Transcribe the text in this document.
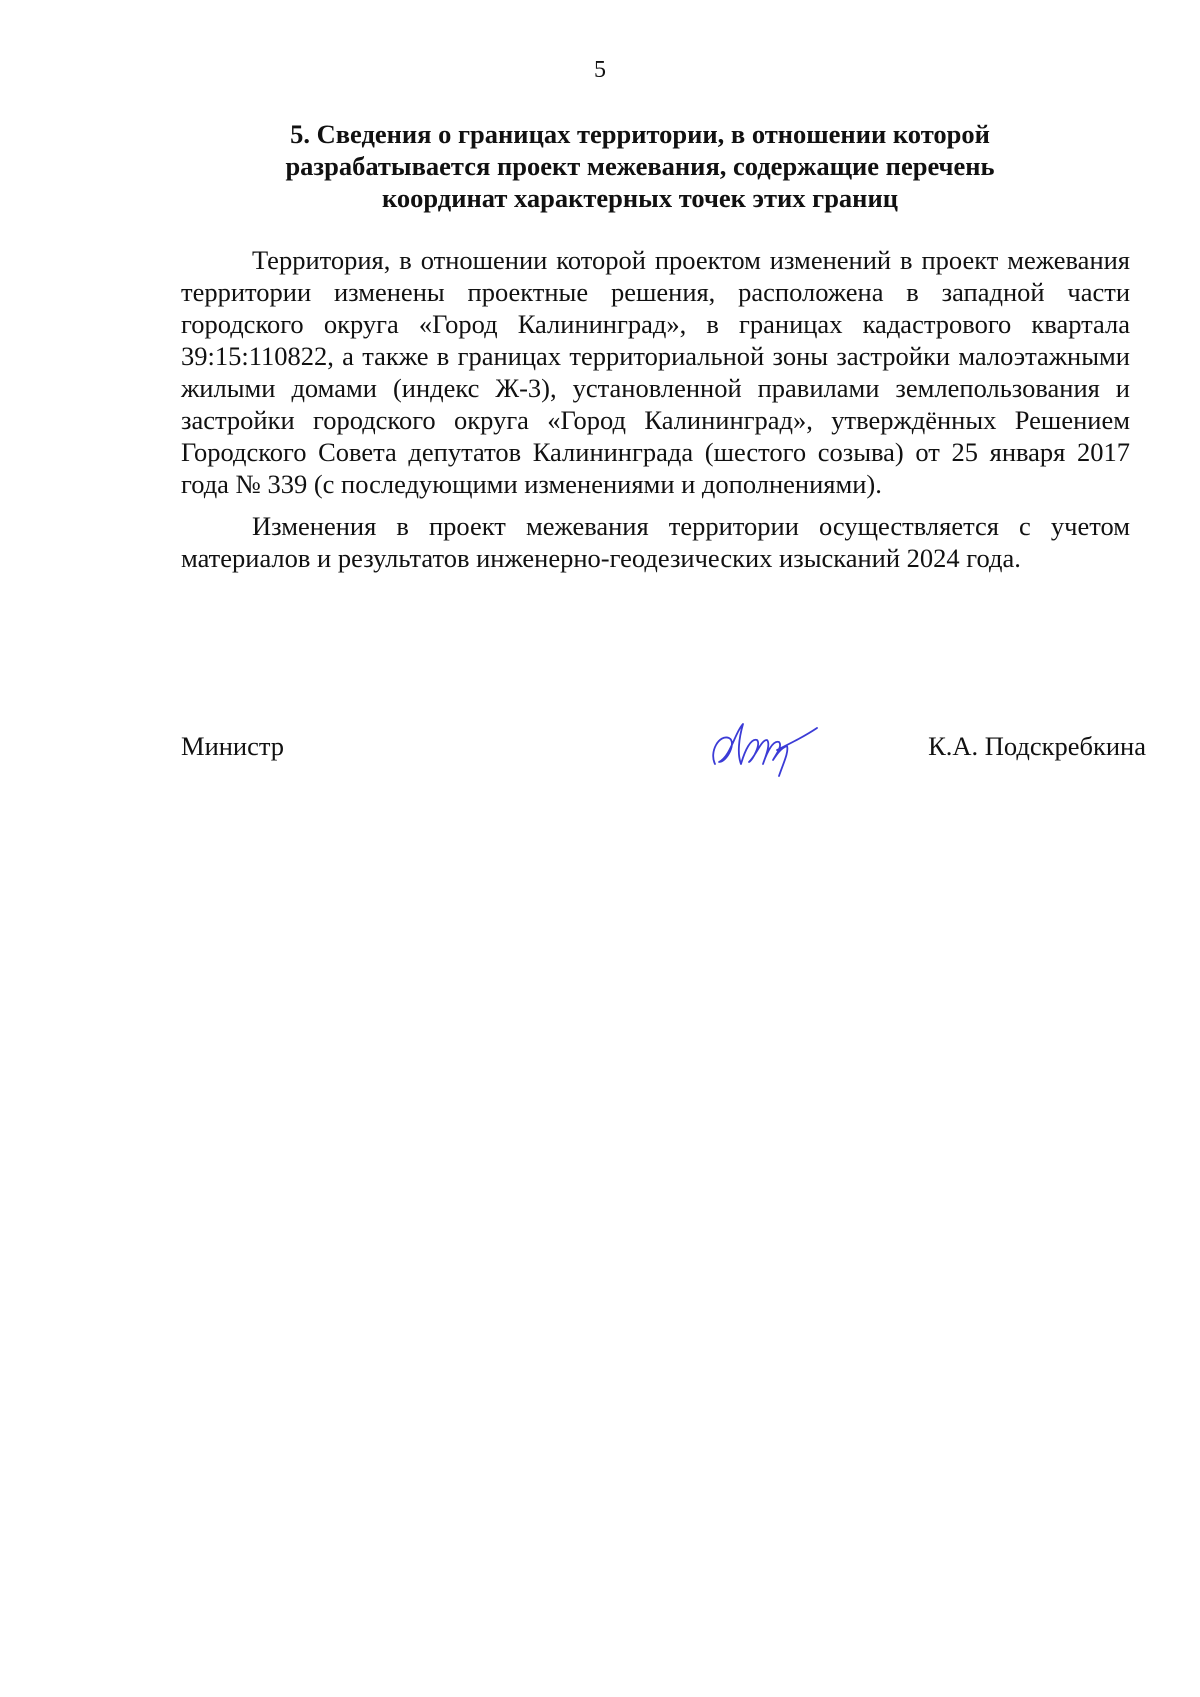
5
5. Сведения о границах территории, в отношении которой
разрабатывается проект межевания, содержащие перечень
координат характерных точек этих границ

Территория, в отношении которой проектом изменений в проект межевания территории изменены проектные решения, расположена в западной части городского округа «Город Калининград», в границах кадастрового квартала 39:15:110822, а также в границах территориальной зоны застройки малоэтажными жилыми домами (индекс Ж-3), установленной правилами землепользования и застройки городского округа «Город Калининград», утверждённых Решением Городского Совета депутатов Калининграда (шестого созыва) от 25 января 2017 года № 339 (с последующими изменениями и дополнениями).

Изменения в проект межевания территории осуществляется с учетом материалов и результатов инженерно-геодезических изысканий 2024 года.

Министр	К.А. Подскребкина
